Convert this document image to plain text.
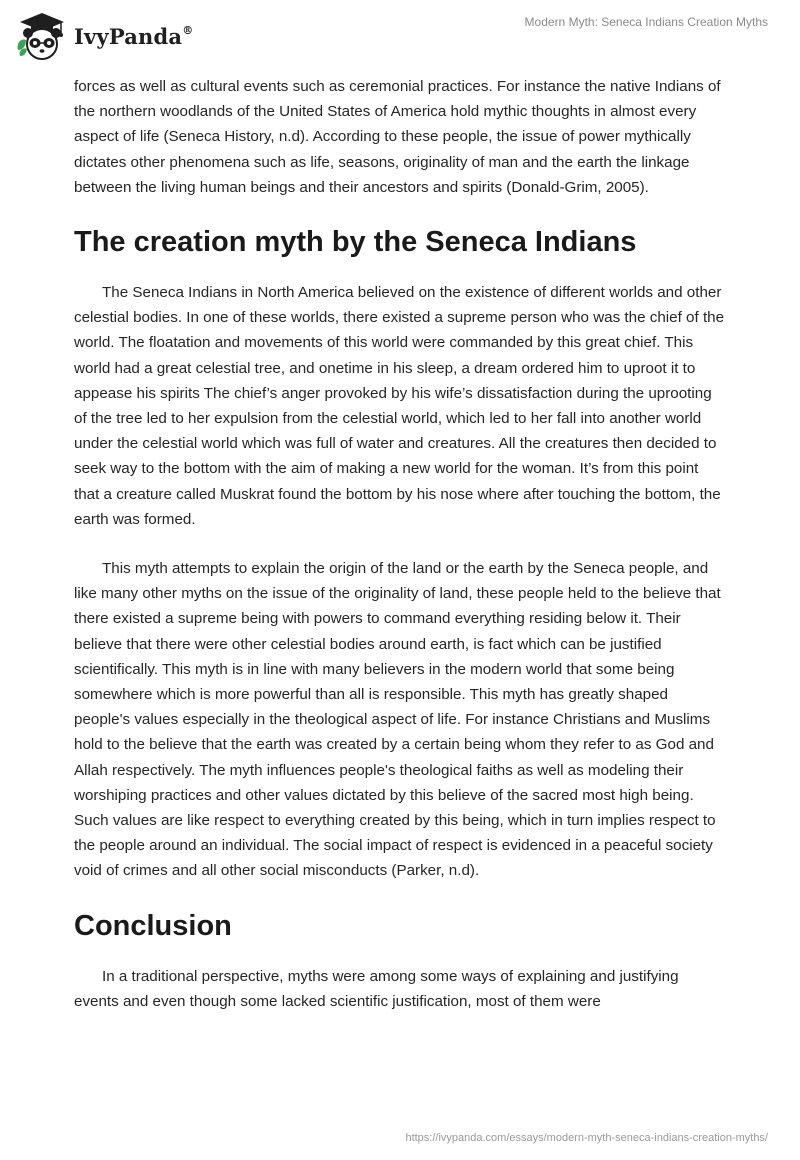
IvyPanda®
Modern Myth: Seneca Indians Creation Myths

forces as well as cultural events such as ceremonial practices. For instance the native Indians of the northern woodlands of the United States of America hold mythic thoughts in almost every aspect of life (Seneca History, n.d). According to these people, the issue of power mythically dictates other phenomena such as life, seasons, originality of man and the earth the linkage between the living human beings and their ancestors and spirits (Donald-Grim, 2005).

The creation myth by the Seneca Indians

The Seneca Indians in North America believed on the existence of different worlds and other celestial bodies. In one of these worlds, there existed a supreme person who was the chief of the world. The floatation and movements of this world were commanded by this great chief. This world had a great celestial tree, and onetime in his sleep, a dream ordered him to uproot it to appease his spirits The chief’s anger provoked by his wife’s dissatisfaction during the uprooting of the tree led to her expulsion from the celestial world, which led to her fall into another world under the celestial world which was full of water and creatures. All the creatures then decided to seek way to the bottom with the aim of making a new world for the woman. It’s from this point that a creature called Muskrat found the bottom by his nose where after touching the bottom, the earth was formed.

This myth attempts to explain the origin of the land or the earth by the Seneca people, and like many other myths on the issue of the originality of land, these people held to the believe that there existed a supreme being with powers to command everything residing below it. Their believe that there were other celestial bodies around earth, is fact which can be justified scientifically. This myth is in line with many believers in the modern world that some being somewhere which is more powerful than all is responsible. This myth has greatly shaped people's values especially in the theological aspect of life. For instance Christians and Muslims hold to the believe that the earth was created by a certain being whom they refer to as God and Allah respectively. The myth influences people's theological faiths as well as modeling their worshiping practices and other values dictated by this believe of the sacred most high being. Such values are like respect to everything created by this being, which in turn implies respect to the people around an individual. The social impact of respect is evidenced in a peaceful society void of crimes and all other social misconducts (Parker, n.d).

Conclusion

In a traditional perspective, myths were among some ways of explaining and justifying events and even though some lacked scientific justification, most of them were

https://ivypanda.com/essays/modern-myth-seneca-indians-creation-myths/
